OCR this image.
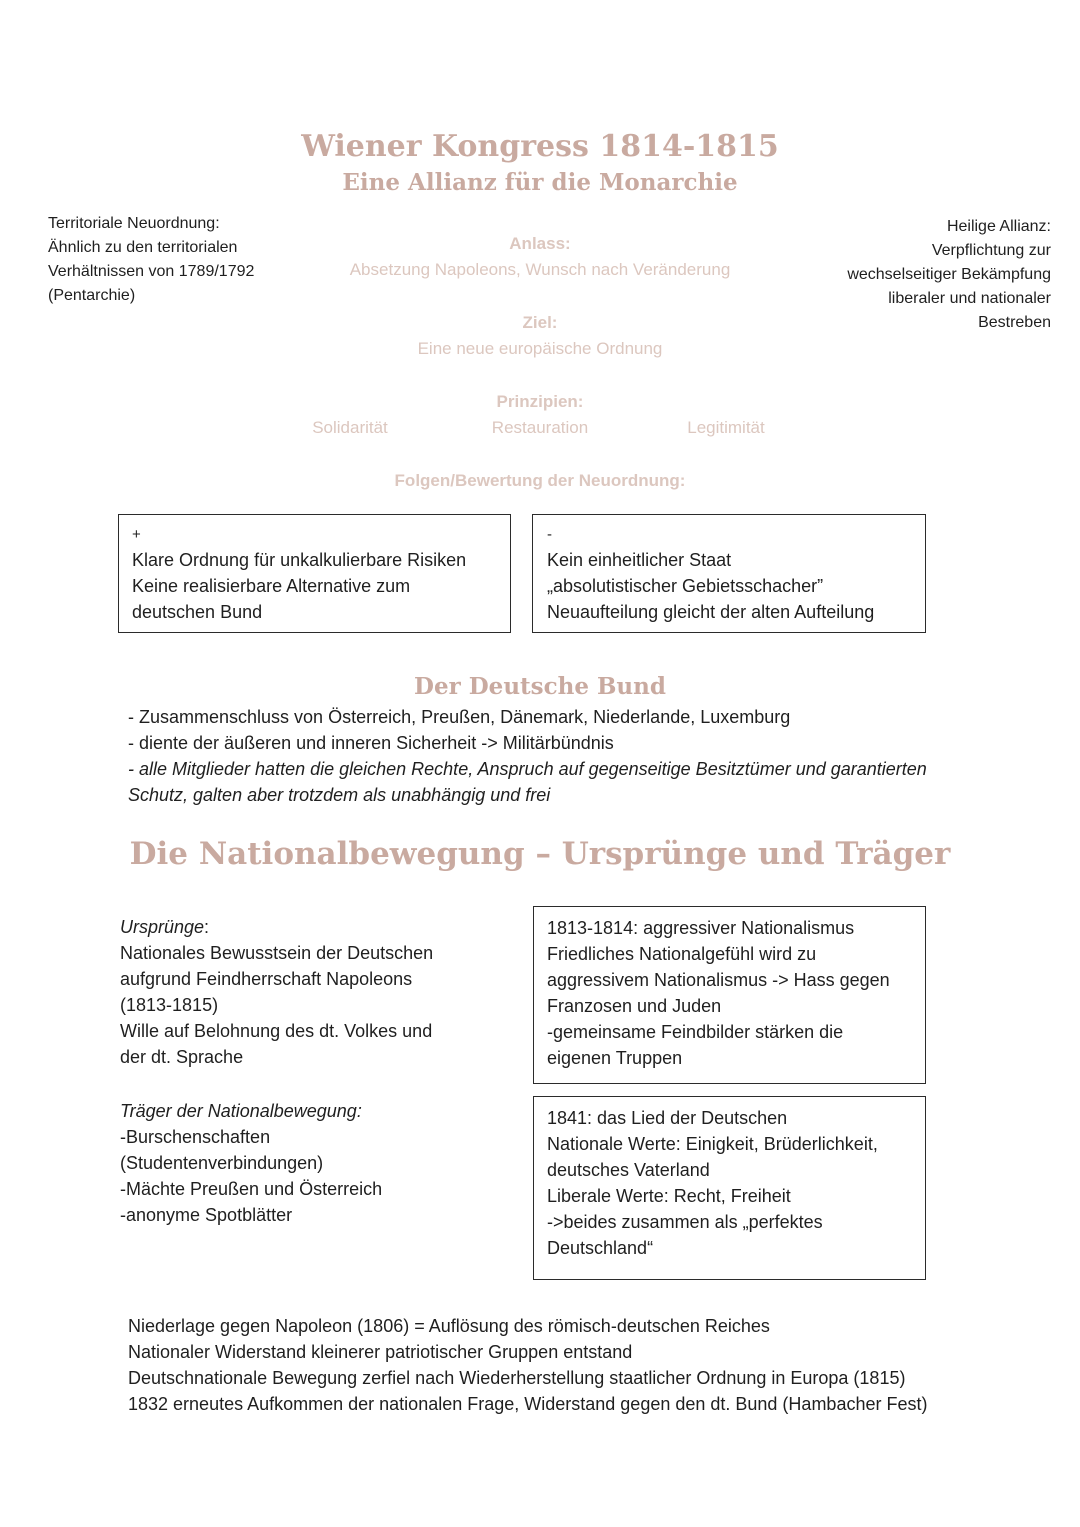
Wiener Kongress 1814-1815
Eine Allianz für die Monarchie
Territoriale Neuordnung:
Ähnlich zu den territorialen
Verhältnissen von 1789/1792
(Pentarchie)
Heilige Allianz:
Verpflichtung zur
wechselseitiger Bekämpfung
liberaler und nationaler
Bestreben
Anlass:
Absetzung Napoleons, Wunsch nach Veränderung
Ziel:
Eine neue europäische Ordnung
Prinzipien:
Solidarität	Restauration	Legitimität
Folgen/Bewertung der Neuordnung:
+
Klare Ordnung für unkalkulierbare Risiken
Keine realisierbare Alternative zum
deutschen Bund
-
Kein einheitlicher Staat
„absolutistischer Gebietsschacher”
Neuaufteilung gleicht der alten Aufteilung
Der Deutsche Bund
- Zusammenschluss von Österreich, Preußen, Dänemark, Niederlande, Luxemburg
- diente der äußeren und inneren Sicherheit -> Militärbündnis
- alle Mitglieder hatten die gleichen Rechte, Anspruch auf gegenseitige Besitztümer und garantierten
Schutz, galten aber trotzdem als unabhängig und frei
Die Nationalbewegung – Ursprünge und Träger
Ursprünge:
Nationales Bewusstsein der Deutschen
aufgrund Feindherrschaft Napoleons
(1813-1815)
Wille auf Belohnung des dt. Volkes und
der dt. Sprache
Träger der Nationalbewegung:
-Burschenschaften
(Studentenverbindungen)
-Mächte Preußen und Österreich
-anonyme Spotblätter
1813-1814: aggressiver Nationalismus
Friedliches Nationalgefühl wird zu
aggressivem Nationalismus -> Hass gegen
Franzosen und Juden
-gemeinsame Feindbilder stärken die
eigenen Truppen
1841: das Lied der Deutschen
Nationale Werte: Einigkeit, Brüderlichkeit,
deutsches Vaterland
Liberale Werte: Recht, Freiheit
->beides zusammen als „perfektes
Deutschland“
Niederlage gegen Napoleon (1806) = Auflösung des römisch-deutschen Reiches
Nationaler Widerstand kleinerer patriotischer Gruppen entstand
Deutschnationale Bewegung zerfiel nach Wiederherstellung staatlicher Ordnung in Europa (1815)
1832 erneutes Aufkommen der nationalen Frage, Widerstand gegen den dt. Bund (Hambacher Fest)
